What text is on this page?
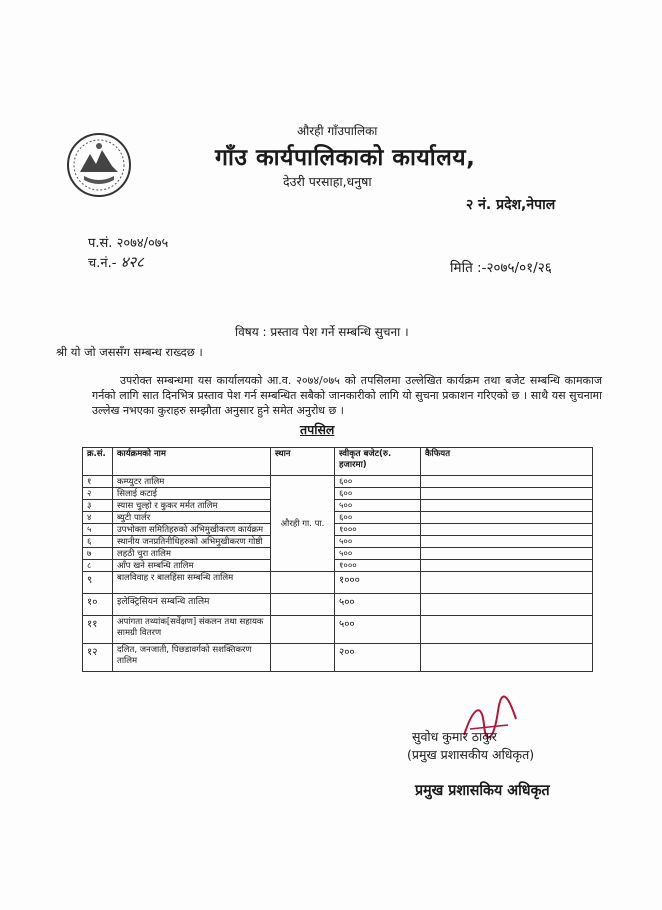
औरही गाँउपालिका
गाँउ कार्यपालिकाको कार्यालय,
देउरी परसाहा,धनुषा
२ नं. प्रदेश,नेपाल
प.सं. २०७४/०७५
च.नं.- ४२८	मिति :-२०७५/०१/२६
विषय : प्रस्ताव पेश गर्ने सम्बन्धि सुचना ।
श्री यो जो जससँग सम्बन्ध राख्दछ ।
उपरोक्त सम्बन्धमा यस कार्यालयको आ.व. २०७४/०७५ को तपसिलमा उल्लेखित कार्यक्रम तथा बजेट सम्बन्धि कामकाज गर्नको लागि सात दिनभित्र प्रस्ताव पेश गर्न सम्बन्धित सबैको जानकारीको लागि यो सुचना प्रकाशन गरिएको छ । साथै यस सुचनामा उल्लेख नभएका कुराहरु सम्झौता अनुसार हुने समेत अनुरोध छ ।
तपसिल
क्र.सं.	कार्यक्रमको नाम	स्थान	स्वीकृत बजेट(रु. हजारमा)	कैफियत
१	कम्प्युटर तालिम	औरही गा. पा.	६००	
२	सिलाई कटाई		६००	
३	स्यास चुल्हो र कुकर मर्मत तालिम		५००	
४	ब्युटी पार्लर		६००	
५	उपभोक्ता समितिहरुको अभिमुखीकरण कार्यक्रम		१०००	
६	स्थानीय जनप्रतिनीधिहरुको अभिमुखीकरण गोष्ठी		५००	
७	लहठी चुरा तालिम		५००	
८	आँप खने सम्बन्धि तालिम		१०००	
९	बालविवाह र बालहिंसा सम्बन्धि तालिम		१०००	
१०	इलेक्ट्रिसियन सम्बन्धि तालिम		५००	
११	अपांगता तथ्यांक[सर्वेक्षण] संकलन तथा सहायक सामग्री वितरण		५००	
१२	दलित, जनजाती, पिछडावर्गको सशक्तिकरण तालिम		२००	
सुवोध कुमार ठाकुर
(प्रमुख प्रशासकीय अधिकृत)
प्रमुख प्रशासकिय अधिकृत
